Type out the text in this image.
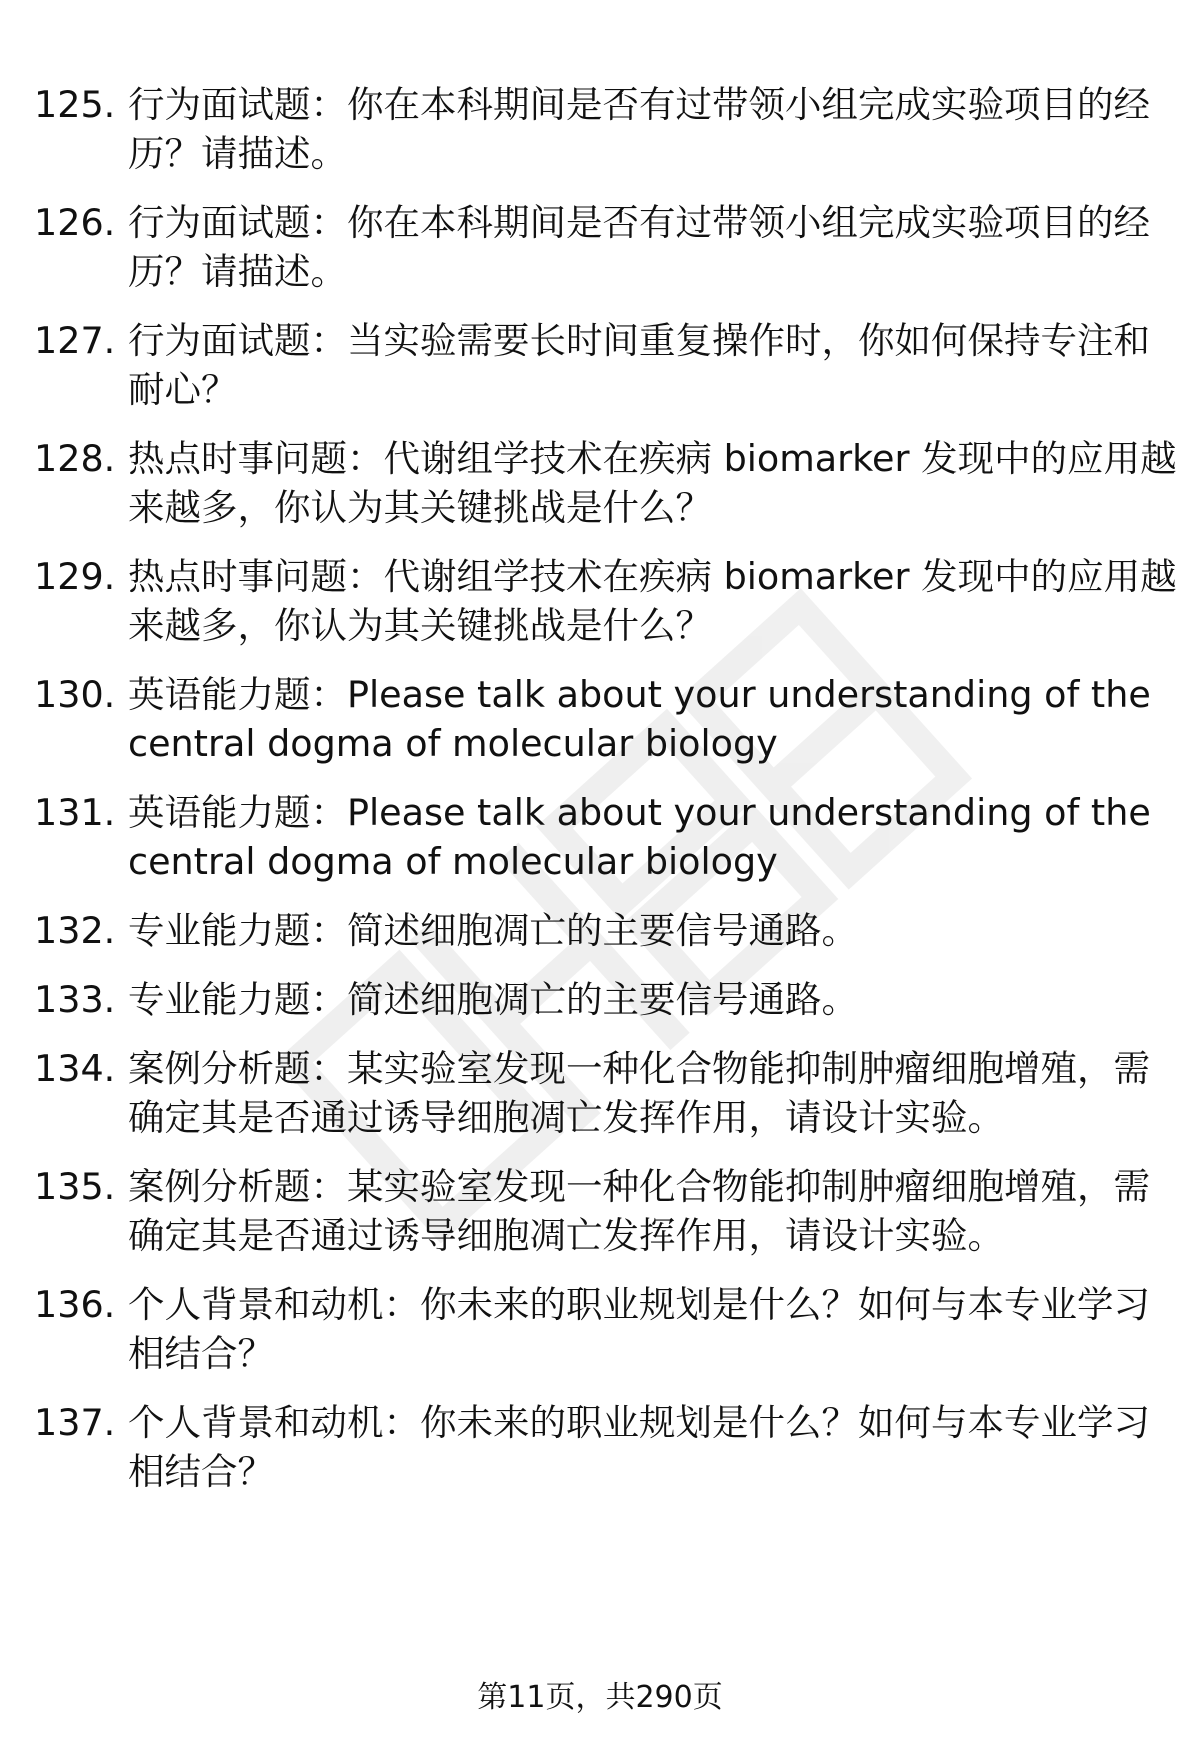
125. 行为面试题：你在本科期间是否有过带领小组完成实验项目的经
历？请描述。
126. 行为面试题：你在本科期间是否有过带领小组完成实验项目的经
历？请描述。
127. 行为面试题：当实验需要长时间重复操作时，你如何保持专注和
耐心？
128. 热点时事问题：代谢组学技术在疾病 biomarker 发现中的应用越
来越多，你认为其关键挑战是什么？
129. 热点时事问题：代谢组学技术在疾病 biomarker 发现中的应用越
来越多，你认为其关键挑战是什么？
130. 英语能力题：Please talk about your understanding of the
central dogma of molecular biology
131. 英语能力题：Please talk about your understanding of the
central dogma of molecular biology
132. 专业能力题：简述细胞凋亡的主要信号通路。
133. 专业能力题：简述细胞凋亡的主要信号通路。
134. 案例分析题：某实验室发现一种化合物能抑制肿瘤细胞增殖，需
确定其是否通过诱导细胞凋亡发挥作用，请设计实验。
135. 案例分析题：某实验室发现一种化合物能抑制肿瘤细胞增殖，需
确定其是否通过诱导细胞凋亡发挥作用，请设计实验。
136. 个人背景和动机：你未来的职业规划是什么？如何与本专业学习
相结合？
137. 个人背景和动机：你未来的职业规划是什么？如何与本专业学习
相结合？
第11页，共290页
